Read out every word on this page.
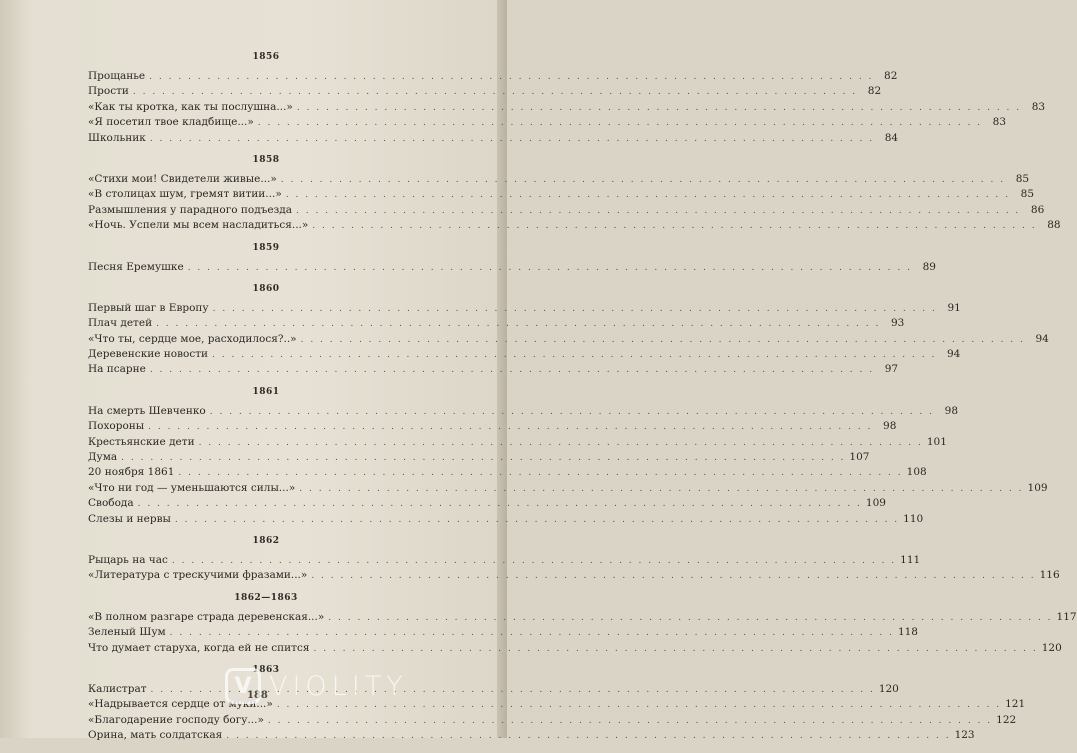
1856
Прощанье . . .	82
Прости . . .	82
«Как ты кротка, как ты послушна...» . . .	83
«Я посетил твое кладбище...» . . .	83
Школьник . . .	84
1858
«Стихи мои! Свидетели живые...» . . .	85
«В столицах шум, гремят витии...» . . .	85
Размышления у парадного подъезда . . .	86
«Ночь. Успели мы всем насладиться...» . . .	88
1859
Песня Еремушке . . .	89
1860
Первый шаг в Европу . . .	91
Плач детей . . .	93
«Что ты, сердце мое, расходилося?..» . . .	94
Деревенские новости . . .	94
На псарне . . .	97
1861
На смерть Шевченко . . .	98
Похороны . . .	98
Крестьянские дети . . .	101
Дума . . .	107
20 ноября 1861 . . .	108
«Что ни год — уменьшаются силы...» . . .	109
Свобода . . .	109
Слезы и нервы . . .	110
1862
Рыцарь на час . . .	111
«Литература с трескучими фразами...» . . .	116
1862—1863
«В полном разгаре страда деревенская...» . . .	117
Зеленый Шум . . .	118
Что думает старуха, когда ей не спится . . .	120
1863
Калистрат . . .	120
«Надрывается сердце от муки...» . . .	121
«Благодарение господу богу...» . . .	122
Орина, мать солдатская . . .	123
188
V VIOLITY
